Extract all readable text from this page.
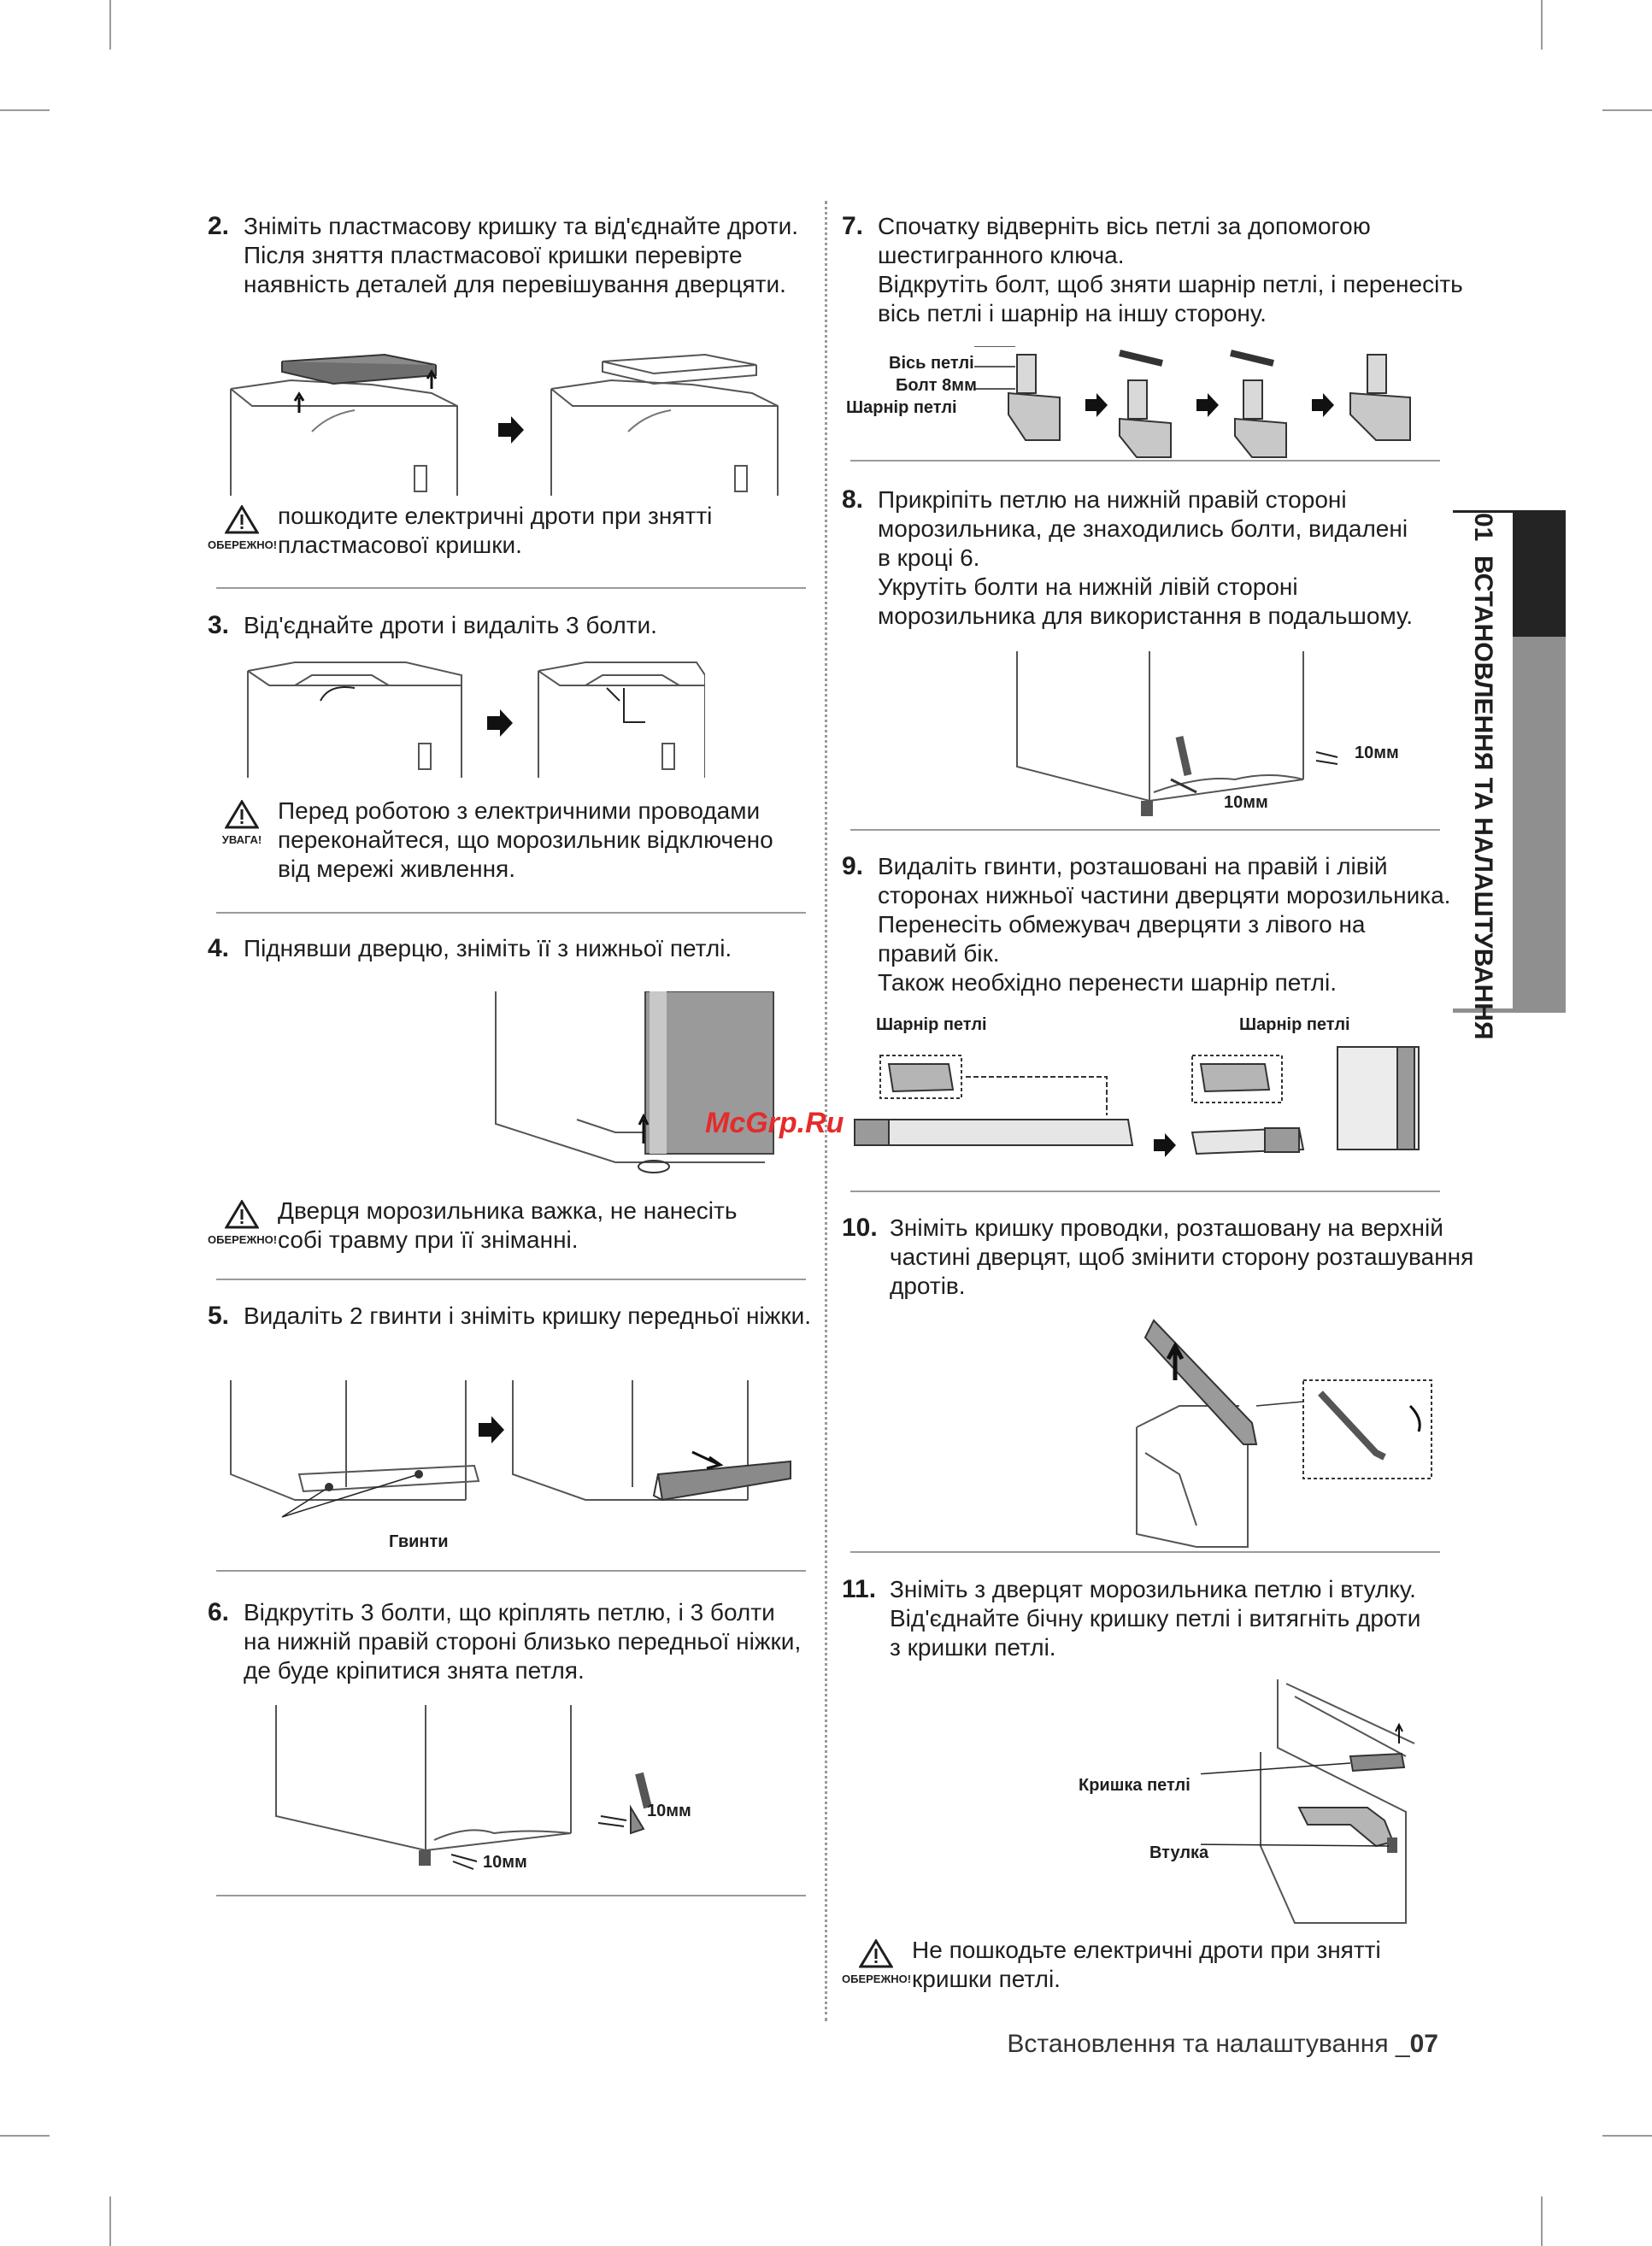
2. Зніміть пластмасову кришку та від'єднайте дроти.
Після зняття пластмасової кришки перевірте
наявність деталей для перевішування дверцяти.
ОБЕРЕЖНО!
пошкодите електричні дроти при знятті
пластмасової кришки.
3. Від'єднайте дроти і видаліть 3 болти.
УВАГА!
Перед роботою з електричними проводами
переконайтеся, що морозильник відключено
від мережі живлення.
4. Піднявши дверцю, зніміть її з нижньої петлі.
ОБЕРЕЖНО!
Дверця морозильника важка, не нанесіть
собі травму при її зніманні.
5. Видаліть 2 гвинти і зніміть кришку передньої ніжки.
Гвинти
6. Відкрутіть 3 болти, що кріплять петлю, і 3 болти
на нижній правій стороні близько передньої ніжки,
де буде кріпитися знята петля.
10мм
10мм
7. Спочатку відверніть вісь петлі за допомогою
шестигранного ключа.
Відкрутіть болт, щоб зняти шарнір петлі, і перенесіть
вісь петлі і шарнір на іншу сторону.
Вісь петлі
Болт 8мм
Шарнір петлі
8. Прикріпіть петлю на нижній правій стороні
морозильника, де знаходились болти, видалені
в кроці 6.
Укрутіть болти на нижній лівій стороні
морозильника для використання в подальшому.
10мм
10мм
9. Видаліть гвинти, розташовані на правій і лівій
сторонах нижньої частини дверцяти морозильника.
Перенесіть обмежувач дверцяти з лівого на
правий бік.
Також необхідно перенести шарнір петлі.
Шарнір петлі	Шарнір петлі
10. Зніміть кришку проводки, розташовану на верхній
частині дверцят, щоб змінити сторону розташування
дротів.
11. Зніміть з дверцят морозильника петлю і втулку.
Від'єднайте бічну кришку петлі і витягніть дроти
з кришки петлі.
Кришка петлі
Втулка
ОБЕРЕЖНО!
Не пошкодьте електричні дроти при знятті
кришки петлі.
01  ВСТАНОВЛЕННЯ ТА НАЛАШТУВАННЯ
Встановлення та налаштування _07
McGrp.Ru
